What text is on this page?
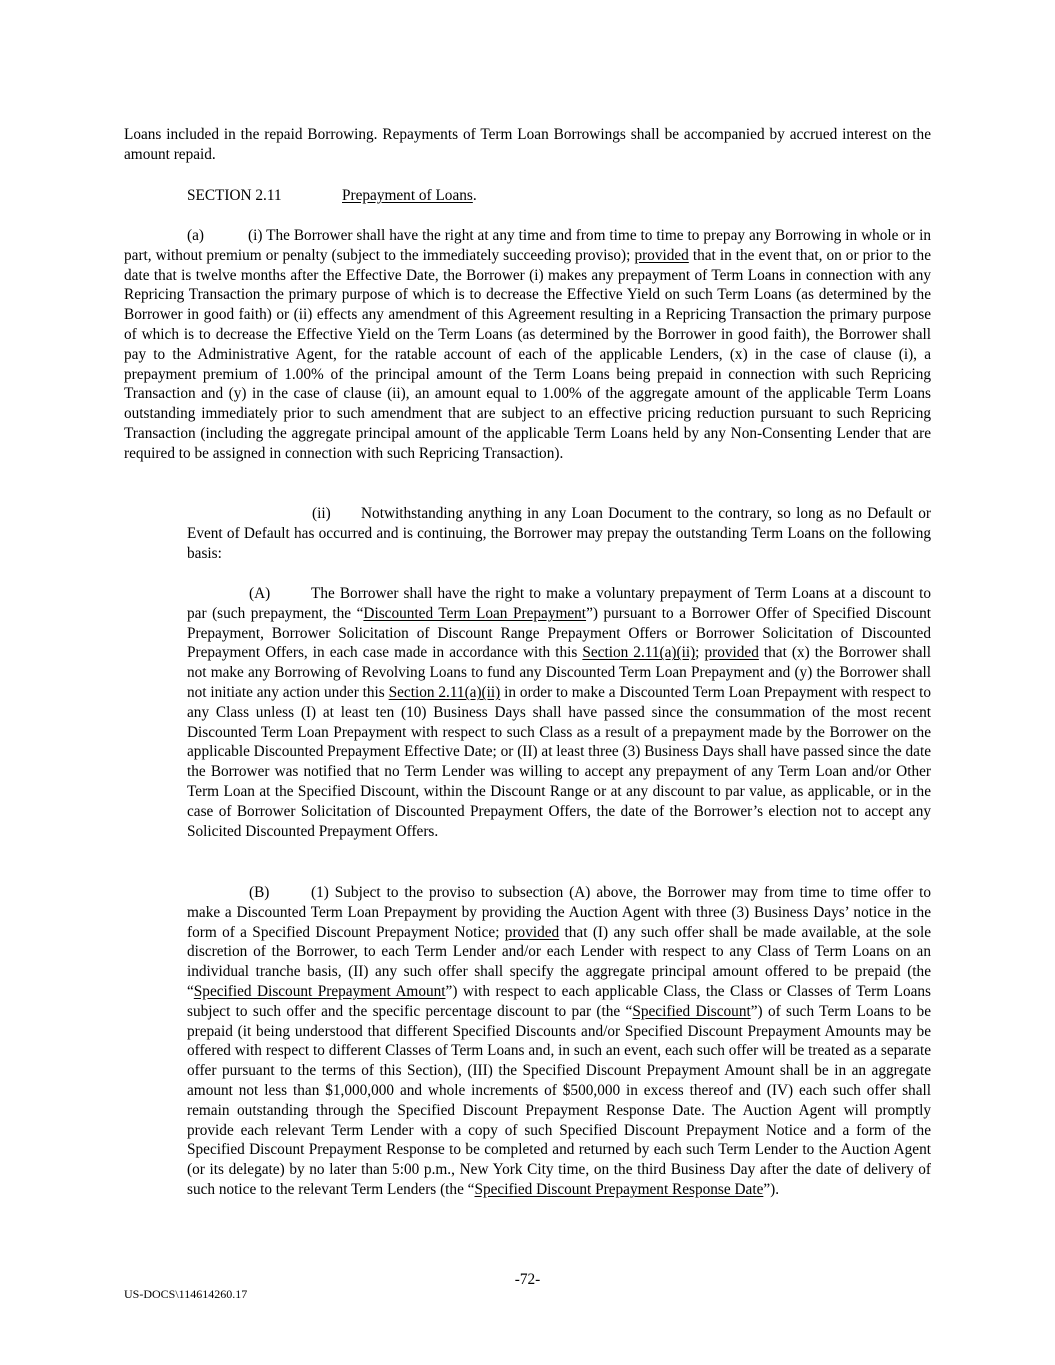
Loans included in the repaid Borrowing. Repayments of Term Loan Borrowings shall be accompanied by accrued interest on the amount repaid.

SECTION 2.11	Prepayment of Loans.

(a)	(i) The Borrower shall have the right at any time and from time to time to prepay any Borrowing in whole or in part, without premium or penalty (subject to the immediately succeeding proviso); provided that in the event that, on or prior to the date that is twelve months after the Effective Date, the Borrower (i) makes any prepayment of Term Loans in connection with any Repricing Transaction the primary purpose of which is to decrease the Effective Yield on such Term Loans (as determined by the Borrower in good faith) or (ii) effects any amendment of this Agreement resulting in a Repricing Transaction the primary purpose of which is to decrease the Effective Yield on the Term Loans (as determined by the Borrower in good faith), the Borrower shall pay to the Administrative Agent, for the ratable account of each of the applicable Lenders, (x) in the case of clause (i), a prepayment premium of 1.00% of the principal amount of the Term Loans being prepaid in connection with such Repricing Transaction and (y) in the case of clause (ii), an amount equal to 1.00% of the aggregate amount of the applicable Term Loans outstanding immediately prior to such amendment that are subject to an effective pricing reduction pursuant to such Repricing Transaction (including the aggregate principal amount of the applicable Term Loans held by any Non-Consenting Lender that are required to be assigned in connection with such Repricing Transaction).

(ii) Notwithstanding anything in any Loan Document to the contrary, so long as no Default or Event of Default has occurred and is continuing, the Borrower may prepay the outstanding Term Loans on the following basis:

(A)	The Borrower shall have the right to make a voluntary prepayment of Term Loans at a discount to par (such prepayment, the “Discounted Term Loan Prepayment”) pursuant to a Borrower Offer of Specified Discount Prepayment, Borrower Solicitation of Discount Range Prepayment Offers or Borrower Solicitation of Discounted Prepayment Offers, in each case made in accordance with this Section 2.11(a)(ii); provided that (x) the Borrower shall not make any Borrowing of Revolving Loans to fund any Discounted Term Loan Prepayment and (y) the Borrower shall not initiate any action under this Section 2.11(a)(ii) in order to make a Discounted Term Loan Prepayment with respect to any Class unless (I) at least ten (10) Business Days shall have passed since the consummation of the most recent Discounted Term Loan Prepayment with respect to such Class as a result of a prepayment made by the Borrower on the applicable Discounted Prepayment Effective Date; or (II) at least three (3) Business Days shall have passed since the date the Borrower was notified that no Term Lender was willing to accept any prepayment of any Term Loan and/or Other Term Loan at the Specified Discount, within the Discount Range or at any discount to par value, as applicable, or in the case of Borrower Solicitation of Discounted Prepayment Offers, the date of the Borrower’s election not to accept any Solicited Discounted Prepayment Offers.

(B)	(1) Subject to the proviso to subsection (A) above, the Borrower may from time to time offer to make a Discounted Term Loan Prepayment by providing the Auction Agent with three (3) Business Days’ notice in the form of a Specified Discount Prepayment Notice; provided that (I) any such offer shall be made available, at the sole discretion of the Borrower, to each Term Lender and/or each Lender with respect to any Class of Term Loans on an individual tranche basis, (II) any such offer shall specify the aggregate principal amount offered to be prepaid (the “Specified Discount Prepayment Amount”) with respect to each applicable Class, the Class or Classes of Term Loans subject to such offer and the specific percentage discount to par (the “Specified Discount”) of such Term Loans to be prepaid (it being understood that different Specified Discounts and/or Specified Discount Prepayment Amounts may be offered with respect to different Classes of Term Loans and, in such an event, each such offer will be treated as a separate offer pursuant to the terms of this Section), (III) the Specified Discount Prepayment Amount shall be in an aggregate amount not less than $1,000,000 and whole increments of $500,000 in excess thereof and (IV) each such offer shall remain outstanding through the Specified Discount Prepayment Response Date. The Auction Agent will promptly provide each relevant Term Lender with a copy of such Specified Discount Prepayment Notice and a form of the Specified Discount Prepayment Response to be completed and returned by each such Term Lender to the Auction Agent (or its delegate) by no later than 5:00 p.m., New York City time, on the third Business Day after the date of delivery of such notice to the relevant Term Lenders (the “Specified Discount Prepayment Response Date”).

-72-
US-DOCS\114614260.17
